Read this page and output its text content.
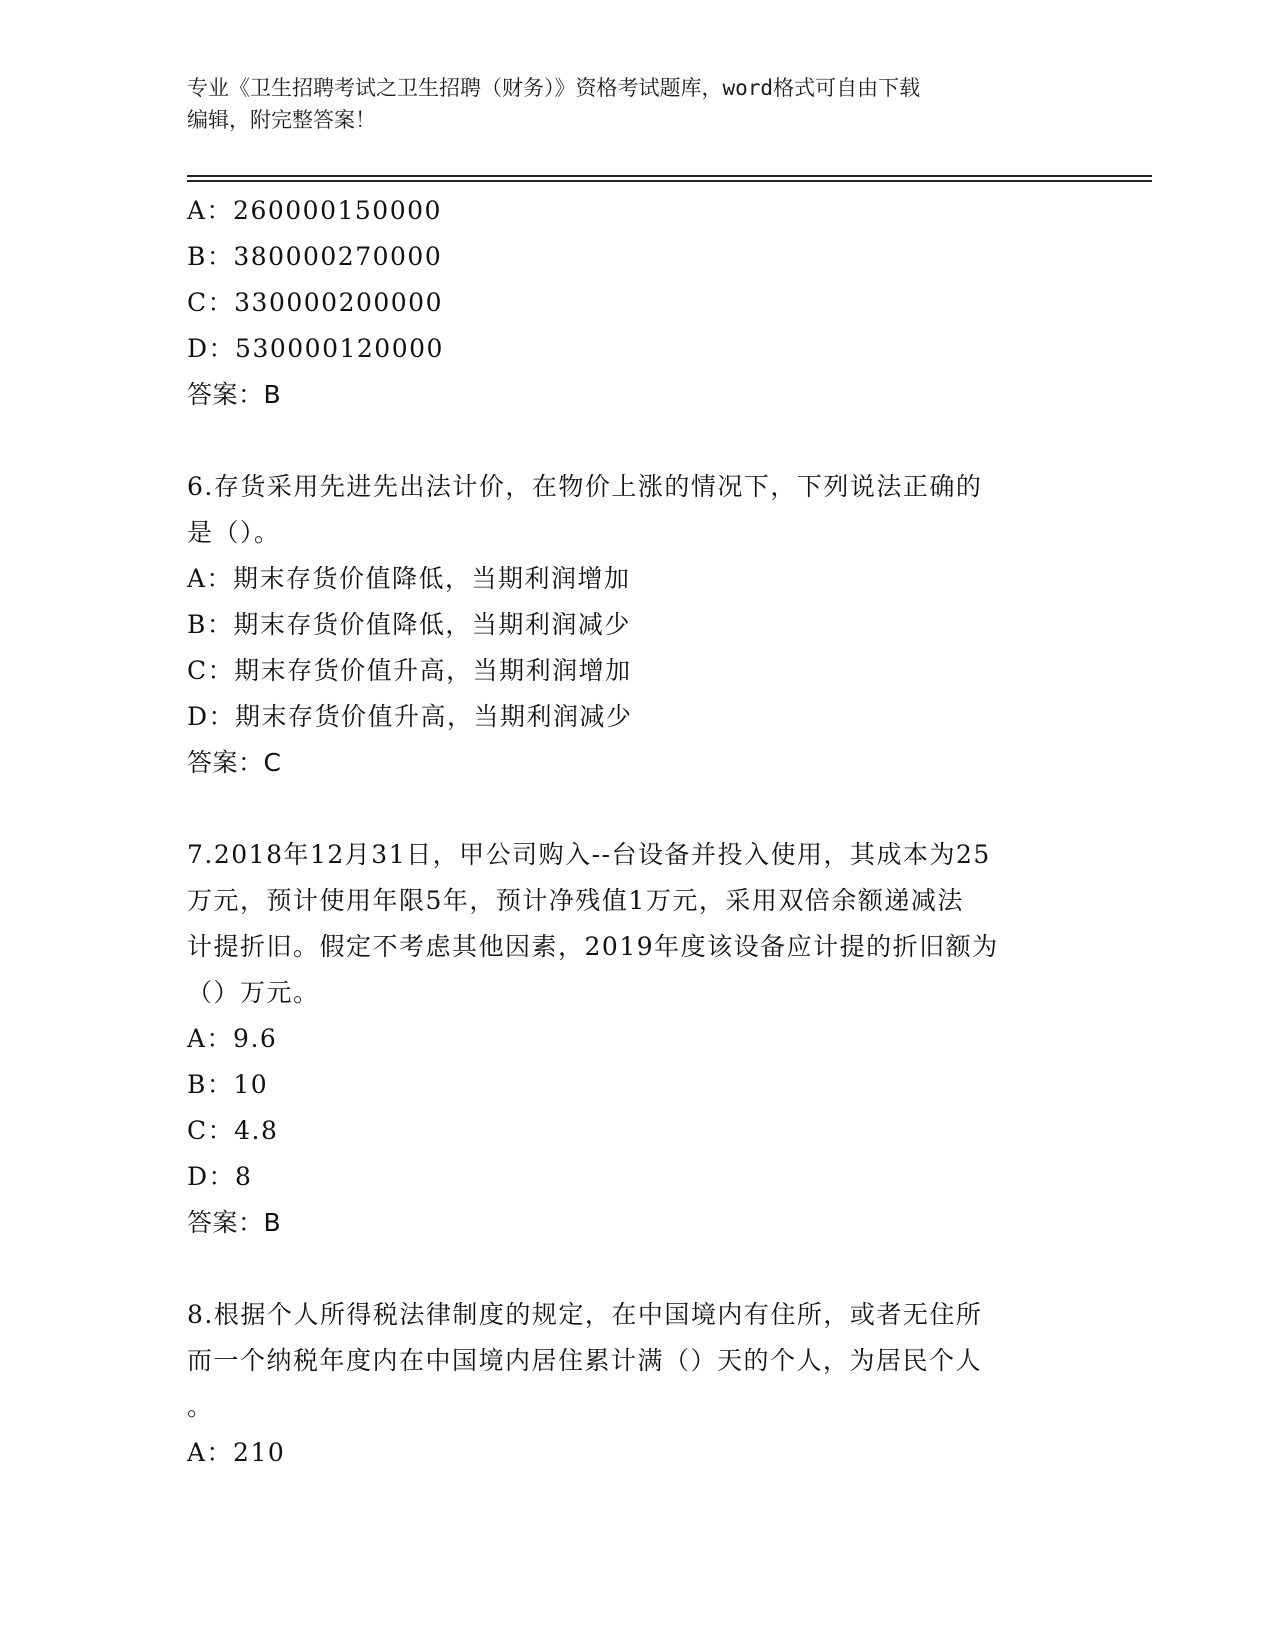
专业《卫生招聘考试之卫生招聘（财务）》资格考试题库，word格式可自由下载
编辑，附完整答案！
A：260000150000
B：380000270000
C：330000200000
D：530000120000
答案：B
6.存货采用先进先出法计价，在物价上涨的情况下，下列说法正确的
是（）。
A：期末存货价值降低，当期利润增加
B：期末存货价值降低，当期利润减少
C：期末存货价值升高，当期利润增加
D：期末存货价值升高，当期利润减少
答案：C
7.2018年12月31日，甲公司购入--台设备并投入使用，其成本为25
万元，预计使用年限5年，预计净残值1万元，采用双倍余额递减法
计提折旧。假定不考虑其他因素，2019年度该设备应计提的折旧额为
（）万元。
A：9.6
B：10
C：4.8
D：8
答案：B
8.根据个人所得税法律制度的规定，在中国境内有住所，或者无住所
而一个纳税年度内在中国境内居住累计满（）天的个人，为居民个人
。
A：210
